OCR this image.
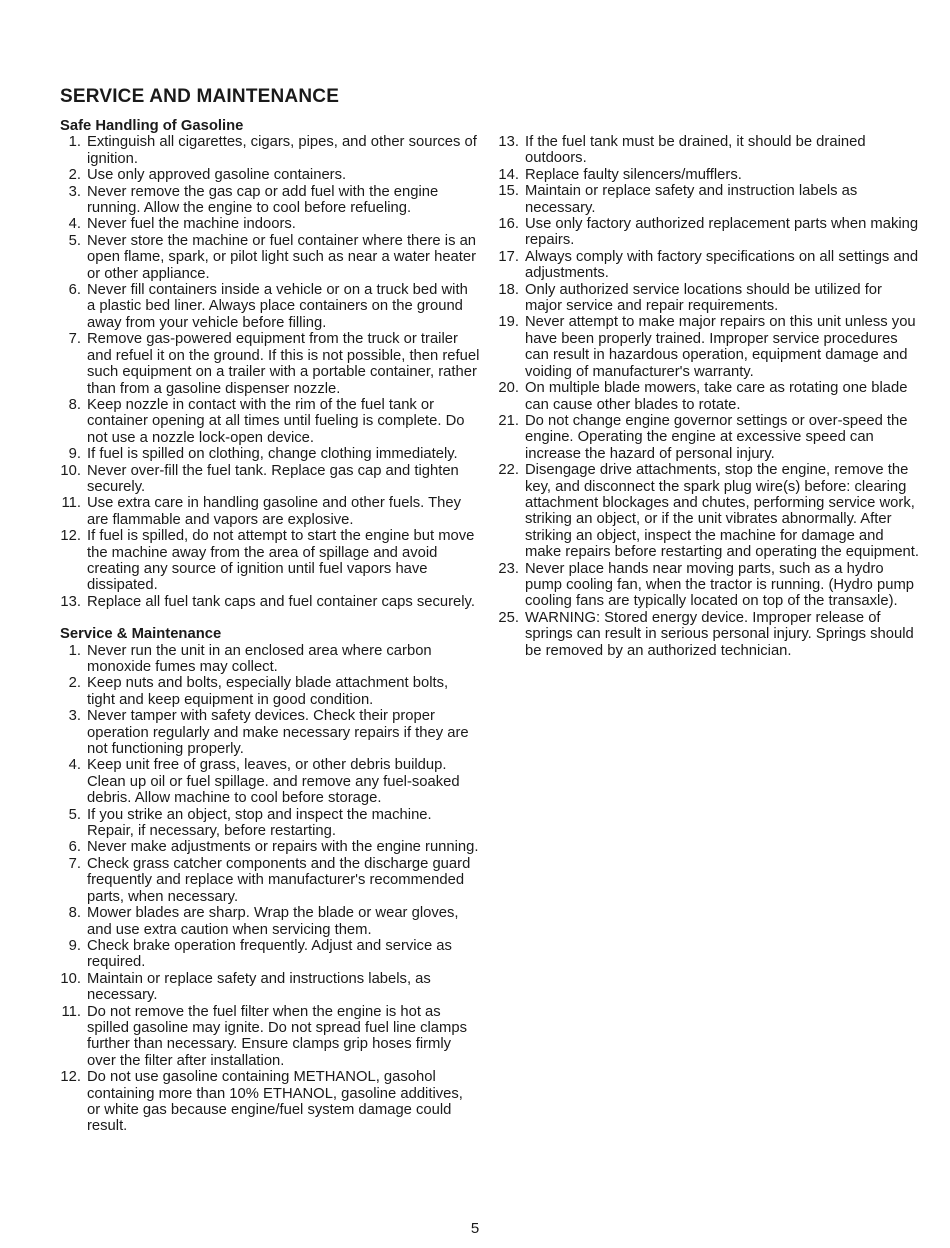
SERVICE AND MAINTENANCE
Safe Handling of Gasoline
1. Extinguish all cigarettes, cigars, pipes, and other sources of ignition.
2. Use only approved gasoline containers.
3. Never remove the gas cap or add fuel with the engine running. Allow the engine to cool before refueling.
4. Never fuel the machine indoors.
5. Never store the machine or fuel container where there is an open flame, spark, or pilot light such as near a water heater or other appliance.
6. Never fill containers inside a vehicle or on a truck bed with a plastic bed liner. Always place containers on the ground away from your vehicle before filling.
7. Remove gas-powered equipment from the truck or trailer and refuel it on the ground. If this is not possible, then refuel such equipment on a trailer with a portable container, rather than from a gasoline dispenser nozzle.
8. Keep nozzle in contact with the rim of the fuel tank or container opening at all times until fueling is complete. Do not use a nozzle lock-open device.
9. If fuel is spilled on clothing, change clothing immediately.
10. Never over-fill the fuel tank. Replace gas cap and tighten securely.
11. Use extra care in handling gasoline and other fuels. They are flammable and vapors are explosive.
12. If fuel is spilled, do not attempt to start the engine but move the machine away from the area of spillage and avoid creating any source of ignition until fuel vapors have dissipated.
13. Replace all fuel tank caps and fuel container caps securely.
Service & Maintenance
1. Never run the unit in an enclosed area where carbon monoxide fumes may collect.
2. Keep nuts and bolts, especially blade attachment bolts, tight and keep equipment in good condition.
3. Never tamper with safety devices. Check their proper operation regularly and make necessary repairs if they are not functioning properly.
4. Keep unit free of grass, leaves, or other debris buildup. Clean up oil or fuel spillage. and remove any fuel-soaked debris. Allow machine to cool before storage.
5. If you strike an object, stop and inspect the machine. Repair, if necessary, before restarting.
6. Never make adjustments or repairs with the engine running.
7. Check grass catcher components and the discharge guard frequently and replace with manufacturer's recommended parts, when necessary.
8. Mower blades are sharp. Wrap the blade or wear gloves, and use extra caution when servicing them.
9. Check brake operation frequently. Adjust and service as required.
10. Maintain or replace safety and instructions labels, as necessary.
11. Do not remove the fuel filter when the engine is hot as spilled gasoline may ignite. Do not spread fuel line clamps further than necessary. Ensure clamps grip hoses firmly over the filter after installation.
12. Do not use gasoline containing METHANOL, gasohol containing more than 10% ETHANOL, gasoline additives, or white gas because engine/fuel system damage could result.
13. If the fuel tank must be drained, it should be drained outdoors.
14. Replace faulty silencers/mufflers.
15. Maintain or replace safety and instruction labels as necessary.
16. Use only factory authorized replacement parts when making repairs.
17. Always comply with factory specifications on all settings and adjustments.
18. Only authorized service locations should be utilized for major service and repair requirements.
19. Never attempt to make major repairs on this unit unless you have been properly trained. Improper service procedures can result in hazardous operation, equipment damage and voiding of manufacturer's warranty.
20. On multiple blade mowers, take care as rotating one blade can cause other blades to rotate.
21. Do not change engine governor settings or over-speed the engine. Operating the engine at excessive speed can increase the hazard of personal injury.
22. Disengage drive attachments, stop the engine, remove the key, and disconnect the spark plug wire(s) before: clearing attachment blockages and chutes, performing service work, striking an object, or if the unit vibrates abnormally. After striking an object, inspect the machine for damage and make repairs before restarting and operating the equipment.
23. Never place hands near moving parts, such as a hydro pump cooling fan, when the tractor is running. (Hydro pump cooling fans are typically located on top of the transaxle).
25. WARNING: Stored energy device. Improper release of springs can result in serious personal injury. Springs should be removed by an authorized technician.
5
